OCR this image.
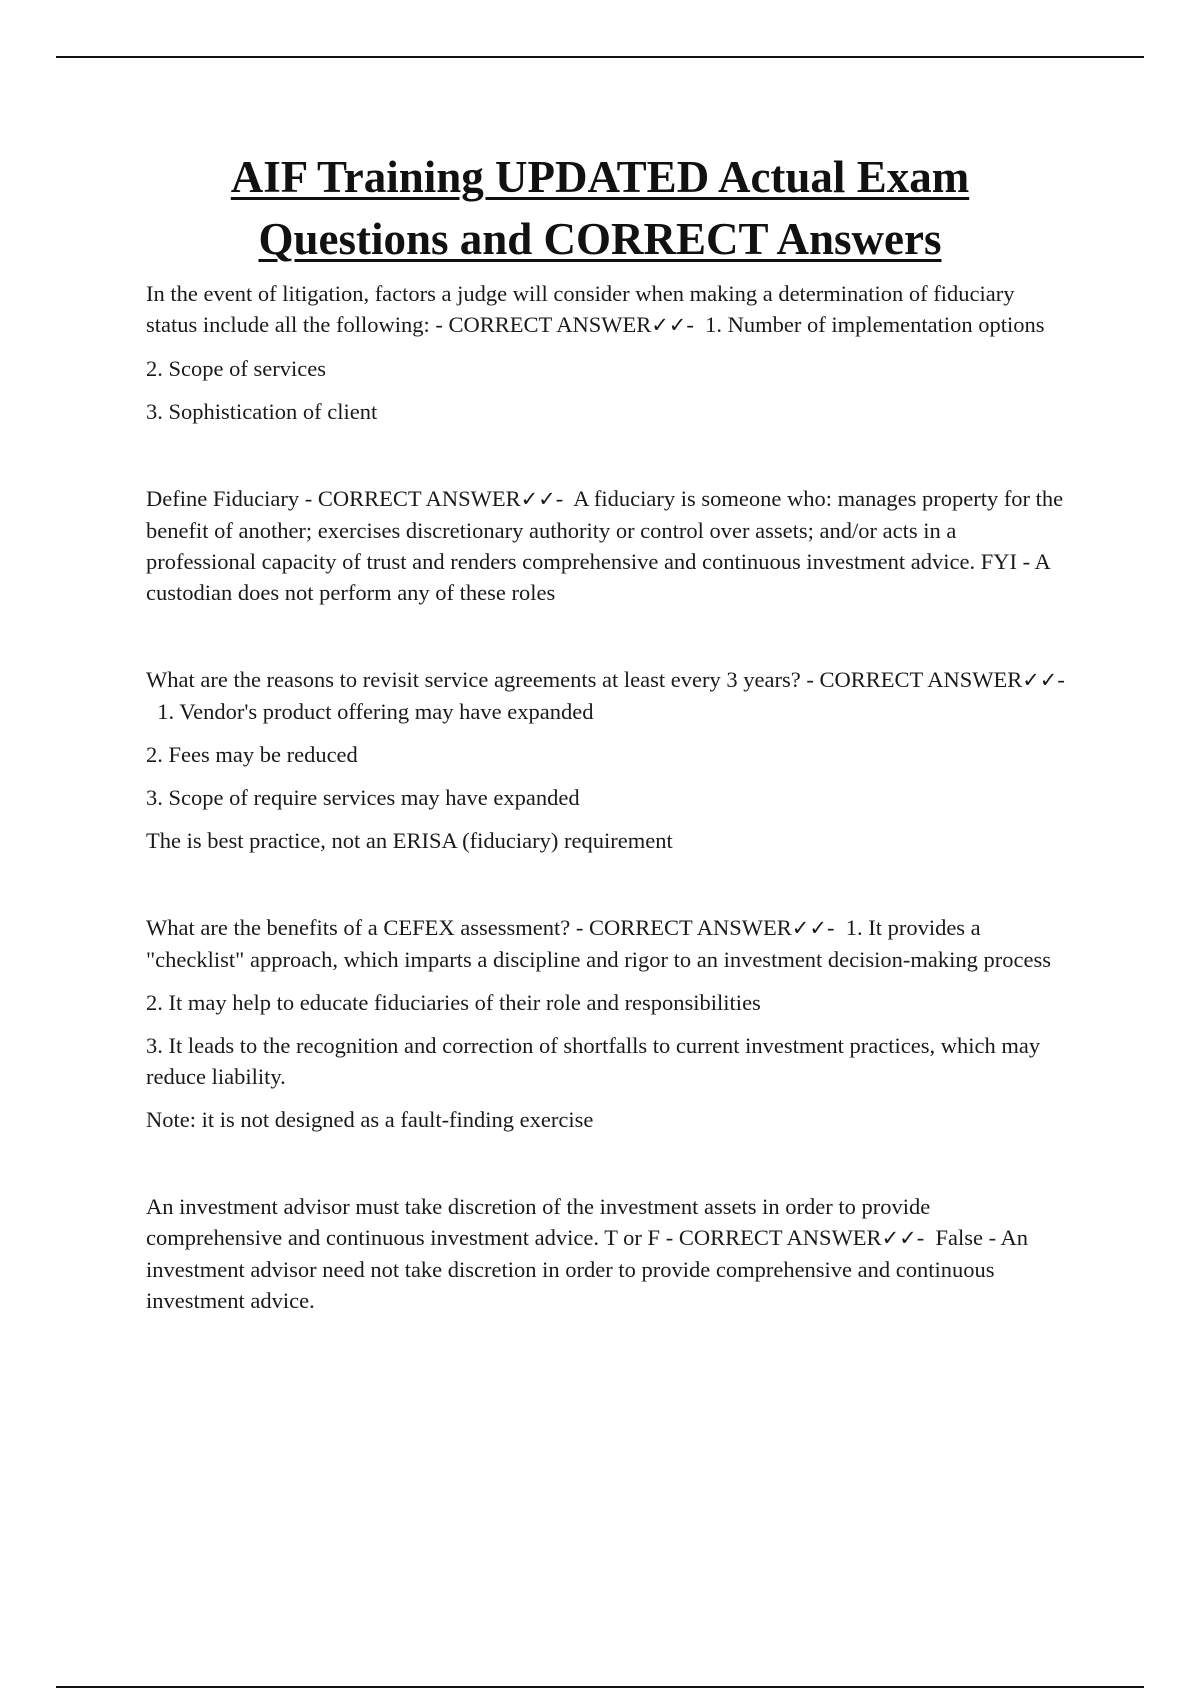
AIF Training UPDATED Actual Exam
Questions and CORRECT Answers

In the event of litigation, factors a judge will consider when making a determination of fiduciary status include all the following: - CORRECT ANSWER✓✓-  1. Number of implementation options

2. Scope of services

3. Sophistication of client

Define Fiduciary - CORRECT ANSWER✓✓-  A fiduciary is someone who: manages property for the benefit of another; exercises discretionary authority or control over assets; and/or acts in a professional capacity of trust and renders comprehensive and continuous investment advice. FYI - A custodian does not perform any of these roles

What are the reasons to revisit service agreements at least every 3 years? - CORRECT ANSWER✓✓-  1. Vendor's product offering may have expanded

2. Fees may be reduced

3. Scope of require services may have expanded

The is best practice, not an ERISA (fiduciary) requirement

What are the benefits of a CEFEX assessment? - CORRECT ANSWER✓✓-  1. It provides a "checklist" approach, which imparts a discipline and rigor to an investment decision-making process

2. It may help to educate fiduciaries of their role and responsibilities

3. It leads to the recognition and correction of shortfalls to current investment practices, which may reduce liability.

Note: it is not designed as a fault-finding exercise

An investment advisor must take discretion of the investment assets in order to provide comprehensive and continuous investment advice. T or F - CORRECT ANSWER✓✓-  False - An investment advisor need not take discretion in order to provide comprehensive and continuous investment advice.
